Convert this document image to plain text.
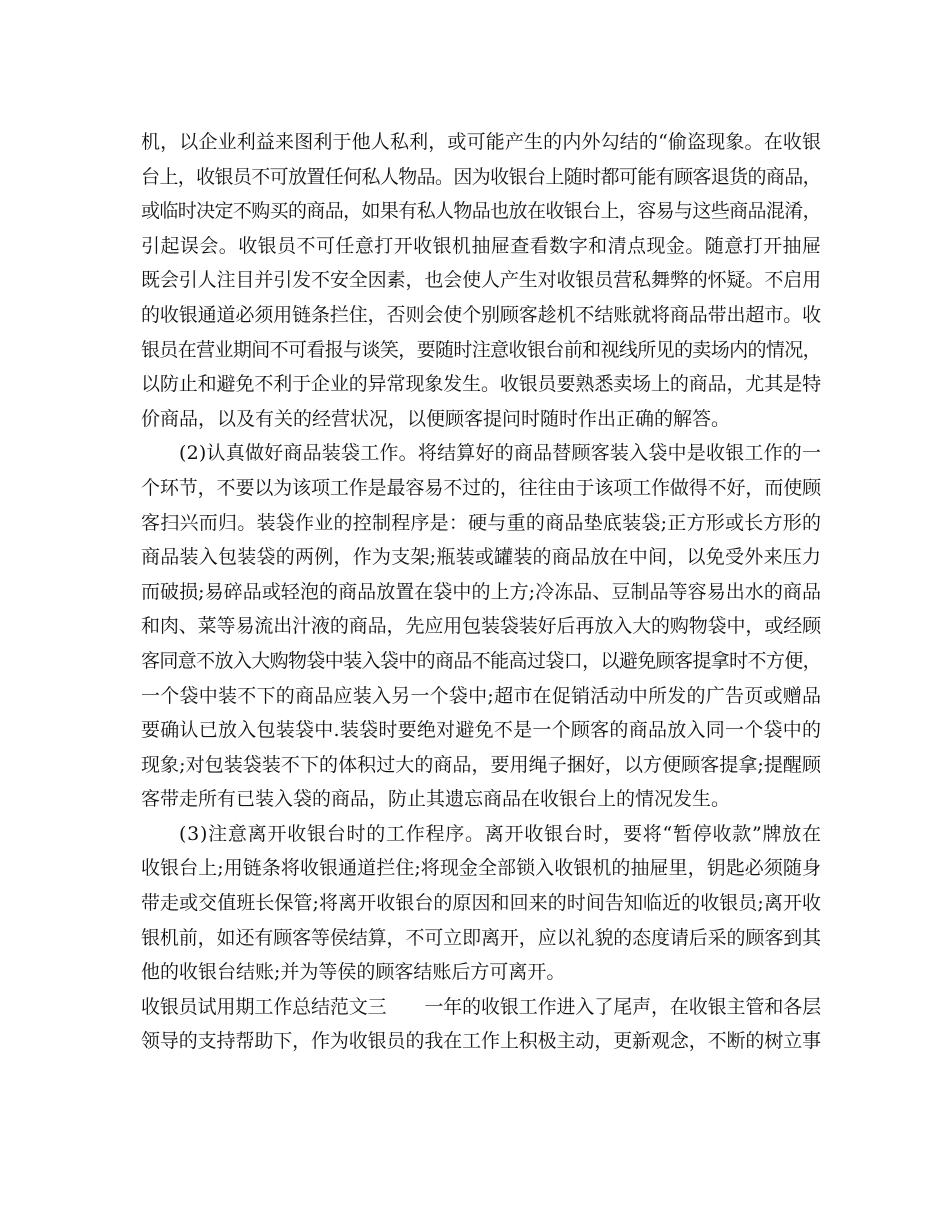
机，以企业利益来图利于他人私利，或可能产生的内外勾结的“偷盗现象。在收银
台上，收银员不可放置任何私人物品。因为收银台上随时都可能有顾客退货的商品，
或临时决定不购买的商品，如果有私人物品也放在收银台上，容易与这些商品混淆，
引起误会。收银员不可任意打开收银机抽屉查看数字和清点现金。随意打开抽屉
既会引人注目并引发不安全因素，也会使人产生对收银员营私舞弊的怀疑。不启用
的收银通道必须用链条拦住，否则会使个别顾客趁机不结账就将商品带出超市。收
银员在营业期间不可看报与谈笑，要随时注意收银台前和视线所见的卖场内的情况，
以防止和避免不利于企业的异常现象发生。收银员要熟悉卖场上的商品，尤其是特
价商品，以及有关的经营状况，以便顾客提问时随时作出正确的解答。
(2)认真做好商品装袋工作。将结算好的商品替顾客装入袋中是收银工作的一
个环节，不要以为该项工作是最容易不过的，往往由于该项工作做得不好，而使顾
客扫兴而归。装袋作业的控制程序是：硬与重的商品垫底装袋;正方形或长方形的
商品装入包装袋的两例，作为支架;瓶装或罐装的商品放在中间，以免受外来压力
而破损;易碎品或轻泡的商品放置在袋中的上方;冷冻品、豆制品等容易出水的商品
和肉、菜等易流出汁液的商品，先应用包装袋装好后再放入大的购物袋中，或经顾
客同意不放入大购物袋中装入袋中的商品不能高过袋口，以避免顾客提拿时不方便，
一个袋中装不下的商品应装入另一个袋中;超市在促销活动中所发的广告页或赠品
要确认已放入包装袋中.装袋时要绝对避免不是一个顾客的商品放入同一个袋中的
现象;对包装袋装不下的体积过大的商品，要用绳子捆好，以方便顾客提拿;提醒顾
客带走所有已装入袋的商品，防止其遗忘商品在收银台上的情况发生。
(3)注意离开收银台时的工作程序。离开收银台时，要将“暂停收款”牌放在
收银台上;用链条将收银通道拦住;将现金全部锁入收银机的抽屉里，钥匙必须随身
带走或交值班长保管;将离开收银台的原因和回来的时间告知临近的收银员;离开收
银机前，如还有顾客等侯结算，不可立即离开，应以礼貌的态度请后采的顾客到其
他的收银台结账;并为等侯的顾客结账后方可离开。
收银员试用期工作总结范文三　　一年的收银工作进入了尾声，在收银主管和各层
领导的支持帮助下，作为收银员的我在工作上积极主动，更新观念，不断的树立事
